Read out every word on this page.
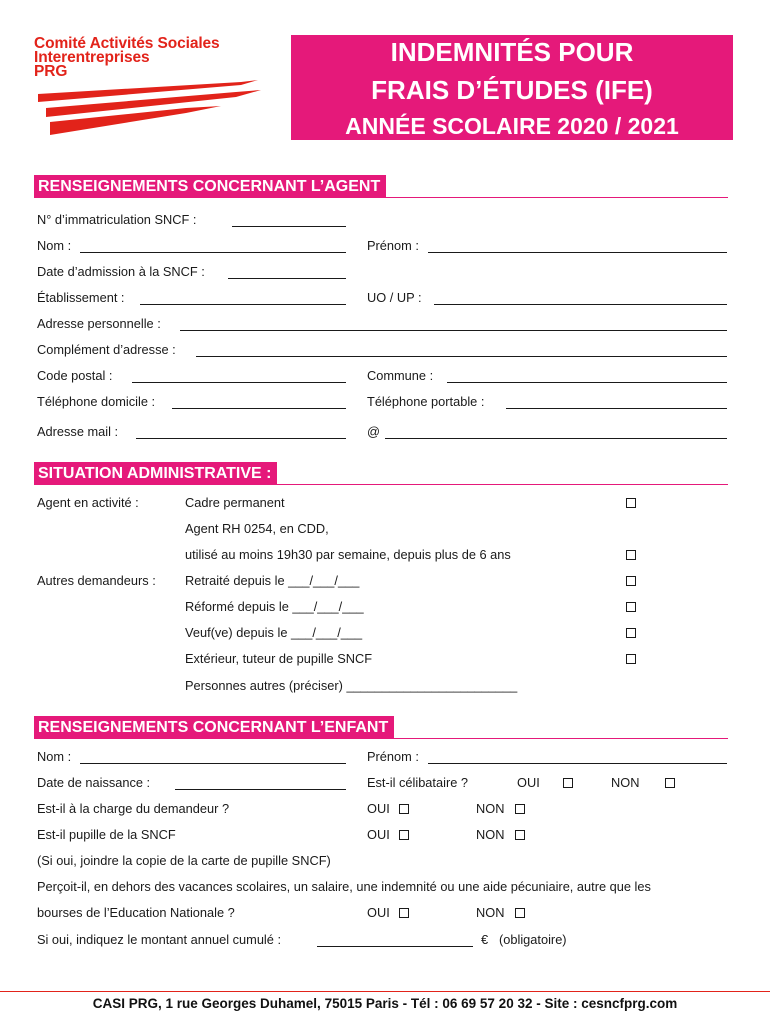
Comité Activités Sociales
Interentreprises
PRG
INDEMNITÉS POUR
FRAIS D’ÉTUDES (IFE)
ANNÉE SCOLAIRE 2020 / 2021
RENSEIGNEMENTS CONCERNANT L’AGENT
N° d’immatriculation SNCF :
Nom :	Prénom :
Date d’admission à la SNCF :
Établissement :	UO / UP :
Adresse personnelle :
Complément d’adresse :
Code postal :	Commune :
Téléphone domicile :	Téléphone portable :
Adresse mail :	@
SITUATION ADMINISTRATIVE :
Agent en activité :	Cadre permanent
Agent RH 0254, en CDD,
utilisé au moins 19h30 par semaine, depuis plus de 6 ans
Autres demandeurs : Retraité depuis le ___/___/___
Réformé depuis le ___/___/___
Veuf(ve) depuis le ___/___/___
Extérieur, tuteur de pupille SNCF
Personnes autres (préciser) ________________________
RENSEIGNEMENTS CONCERNANT L’ENFANT
Nom :	Prénom :
Date de naissance :	Est-il célibataire ?	OUI	NON
Est-il à la charge du demandeur ?	OUI	NON
Est-il pupille de la SNCF	OUI	NON
(Si oui, joindre la copie de la carte de pupille SNCF)
Perçoit-il, en dehors des vacances scolaires, un salaire, une indemnité ou une aide pécuniaire, autre que les
bourses de l’Education Nationale ?	OUI	NON
Si oui, indiquez le montant annuel cumulé :	€ (obligatoire)
CASI PRG, 1 rue Georges Duhamel, 75015 Paris - Tél : 06 69 57 20 32 - Site : cesncfprg.com
